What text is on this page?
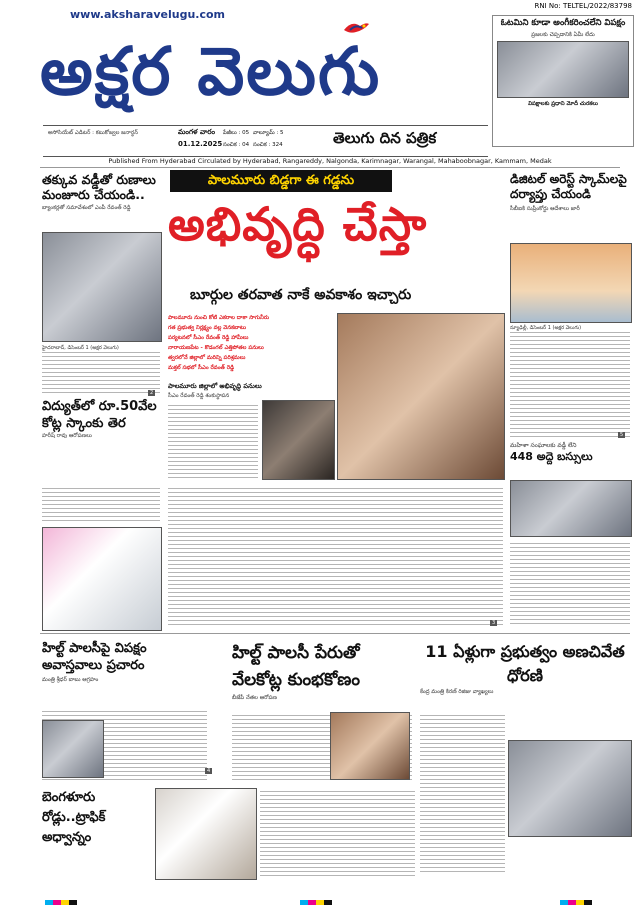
www.aksharavelugu.com
RNI No: TELTEL/2022/83798
అక్షర వెలుగు
ఓటమిని కూడా అంగీకరించలేని విపక్షం
ప్రజలకు చెప్పడానికి ఏమీ లేదు
విపక్షాలకు ప్రధాని మోదీ చురకలు
అసోసియేట్ ఎడిటర్ : కటుకోజ్వల జనార్ధన్	మంగళ వారం
01.12.2025
పేజీలు : 05 వాల్యూమ్ : 5
సంచిక : 04 సంచిక : 324	తెలుగు దిన పత్రిక
Published From Hyderabad Circulated by Hyderabad, Rangareddy, Nalgonda, Karimnagar, Warangal, Mahaboobnagar, Kammam, Medak
తక్కువ వడ్డీతో రుణాలు మంజూరు చేయండి..
బ్యాంకర్లతో సమావేశంలో ఎంపీ రేవంత్ రెడ్డి
హైదరాబాద్, డిసెంబర్ 1 (అక్షర వెలుగు)
పాలమూరు బిడ్డగా ఈ గడ్డను
అభివృద్ధి చేస్తా
బూర్గుల తరవాత నాకే అవకాశం ఇచ్చారు
పాలమూరు నుంచి కోటి ఎకరాల దాకా సాగునీరు
గత ప్రభుత్వ నిర్లక్ష్యం వల్ల వెనకబాటు
పర్యటనలో సీఎం రేవంత్ రెడ్డి హామీలు
నారాయణపేట - కొడంగల్ ఎత్తిపోతల పనులు
త్వరలోనే జిల్లాలో మరిన్ని పరిశ్రమలు
మక్తల్ సభలో సీఎం రేవంత్ రెడ్డి
డిజిటల్ అరెస్ట్ స్కామ్‌లపై దర్యాప్తు చేయండి
సీబీఐకి సుప్రీంకోర్టు ఆదేశాలు జారీ
న్యూఢిల్లీ, డిసెంబర్ 1 (అక్షర వెలుగు)
విద్యుత్‌లో రూ.50వేల కోట్ల స్కాంకు తెర
హరీష్ రావు ఆరోపణలు
పాలమూరు జిల్లాలో అభివృద్ధి పనులు
సీఎం రేవంత్ రెడ్డి శంకుస్థాపన
మహిళా సంఘాలకు వడ్డీ లేని
448 అద్దె బస్సులు
హిల్ట్ పాలసీపై విపక్షం అవాస్తవాలు ప్రచారం
మంత్రి శ్రీధర్ బాబు ఆగ్రహం
హిల్ట్ పాలసీ పేరుతో వేలకోట్ల కుంభకోణం
బీజేపీ నేతల ఆరోపణ
11 ఏళ్లుగా ప్రభుత్వం అణచివేత ధోరణి
కేంద్ర మంత్రి కిరణ్ రిజిజు వ్యాఖ్యలు
బెంగళూరు రోడ్లు..ట్రాఫిక్ అధ్వాన్నం
2
3
4
5
